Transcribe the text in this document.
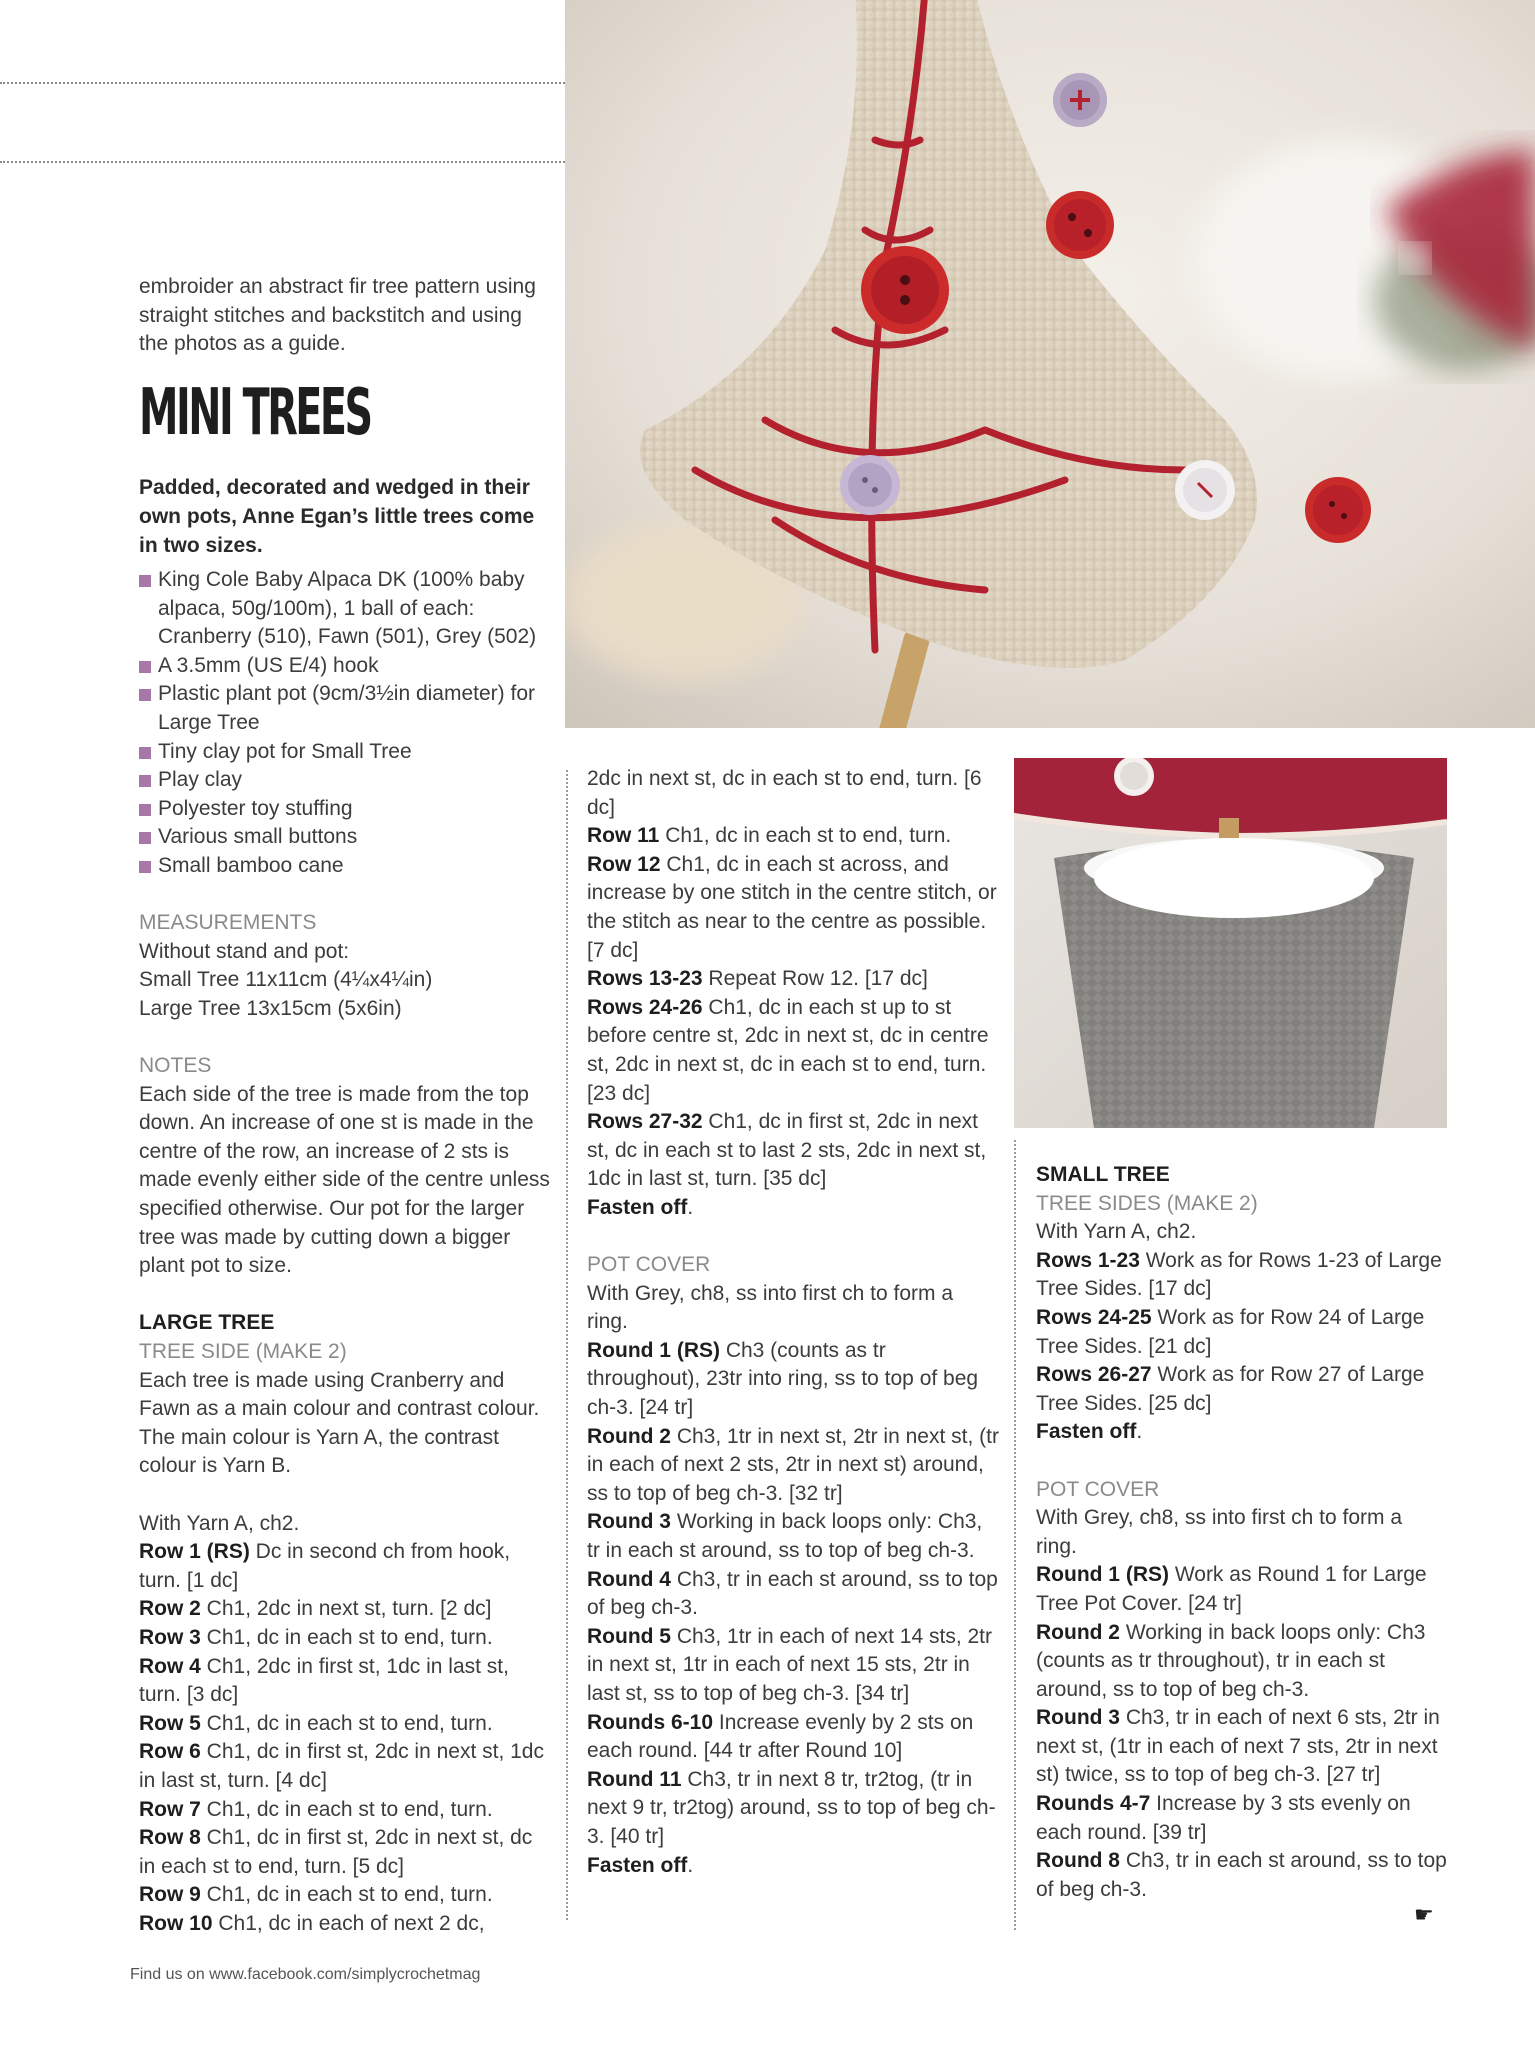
embroider an abstract fir tree pattern using straight stitches and backstitch and using the photos as a guide.

MINI TREES

Padded, decorated and wedged in their own pots, Anne Egan’s little trees come in two sizes.

King Cole Baby Alpaca DK (100% baby alpaca, 50g/100m), 1 ball of each: Cranberry (510), Fawn (501), Grey (502)
A 3.5mm (US E/4) hook
Plastic plant pot (9cm/3½in diameter) for Large Tree
Tiny clay pot for Small Tree
Play clay
Polyester toy stuffing
Various small buttons
Small bamboo cane
MEASUREMENTS
Without stand and pot:
Small Tree 11x11cm (4¼x4¼in)
Large Tree 13x15cm (5x6in)
NOTES

Each side of the tree is made from the top down. An increase of one st is made in the centre of the row, an increase of 2 sts is made evenly either side of the centre unless specified otherwise. Our pot for the larger tree was made by cutting down a bigger plant pot to size.

LARGE TREE
TREE SIDE (MAKE 2)

Each tree is made using Cranberry and Fawn as a main colour and contrast colour. The main colour is Yarn A, the contrast colour is Yarn B.

With Yarn A, ch2.

Row 1 (RS) Dc in second ch from hook, turn. [1 dc]

Row 2 Ch1, 2dc in next st, turn. [2 dc]

Row 3 Ch1, dc in each st to end, turn.

Row 4 Ch1, 2dc in first st, 1dc in last st, turn. [3 dc]

Row 5 Ch1, dc in each st to end, turn.

Row 6 Ch1, dc in first st, 2dc in next st, 1dc in last st, turn. [4 dc]

Row 7 Ch1, dc in each st to end, turn.

Row 8 Ch1, dc in first st, 2dc in next st, dc in each st to end, turn. [5 dc]

Row 9 Ch1, dc in each st to end, turn.

Row 10 Ch1, dc in each of next 2 dc,

2dc in next st, dc in each st to end, turn. [6 dc]

Row 11 Ch1, dc in each st to end, turn.

Row 12 Ch1, dc in each st across, and increase by one stitch in the centre stitch, or the stitch as near to the centre as possible. [7 dc]

Rows 13-23 Repeat Row 12. [17 dc]

Rows 24-26 Ch1, dc in each st up to st before centre st, 2dc in next st, dc in centre st, 2dc in next st, dc in each st to end, turn. [23 dc]

Rows 27-32 Ch1, dc in first st, 2dc in next st, dc in each st to last 2 sts, 2dc in next st, 1dc in last st, turn. [35 dc]

Fasten off.

POT COVER

With Grey, ch8, ss into first ch to form a ring.

Round 1 (RS) Ch3 (counts as tr throughout), 23tr into ring, ss to top of beg ch-3. [24 tr]

Round 2 Ch3, 1tr in next st, 2tr in next st, (tr in each of next 2 sts, 2tr in next st) around, ss to top of beg ch-3. [32 tr]

Round 3 Working in back loops only: Ch3, tr in each st around, ss to top of beg ch-3.

Round 4 Ch3, tr in each st around, ss to top of beg ch-3.

Round 5 Ch3, 1tr in each of next 14 sts, 2tr in next st, 1tr in each of next 15 sts, 2tr in last st, ss to top of beg ch-3. [34 tr]

Rounds 6-10 Increase evenly by 2 sts on each round. [44 tr after Round 10]

Round 11 Ch3, tr in next 8 tr, tr2tog, (tr in next 9 tr, tr2tog) around, ss to top of beg ch-3. [40 tr]

Fasten off.

SMALL TREE
TREE SIDES (MAKE 2)

With Yarn A, ch2.

Rows 1-23 Work as for Rows 1-23 of Large Tree Sides. [17 dc]

Rows 24-25 Work as for Row 24 of Large Tree Sides. [21 dc]

Rows 26-27 Work as for Row 27 of Large Tree Sides. [25 dc]

Fasten off.

POT COVER

With Grey, ch8, ss into first ch to form a ring.

Round 1 (RS) Work as Round 1 for Large Tree Pot Cover. [24 tr]

Round 2 Working in back loops only: Ch3 (counts as tr throughout), tr in each st around, ss to top of beg ch-3.

Round 3 Ch3, tr in each of next 6 sts, 2tr in next st, (1tr in each of next 7 sts, 2tr in next st) twice, ss to top of beg ch-3. [27 tr]

Rounds 4-7 Increase by 3 sts evenly on each round. [39 tr]

Round 8 Ch3, tr in each st around, ss to top of beg ch-3.

☛
Find us on www.facebook.com/simplycrochetmag
